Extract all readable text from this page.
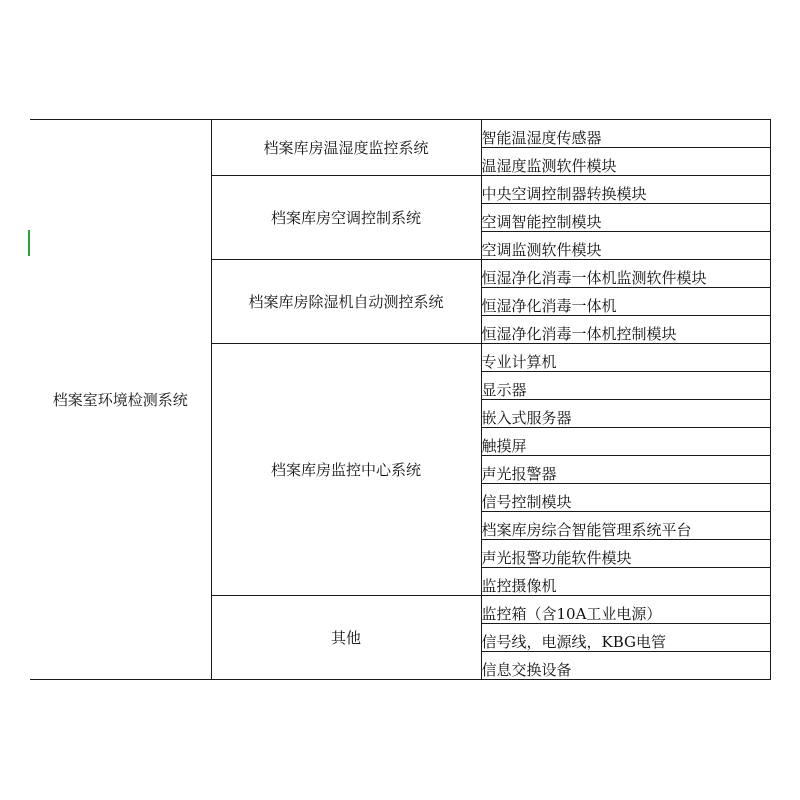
档案室环境检测系统	档案库房温湿度监控系统	智能温湿度传感器
		温湿度监测软件模块
	档案库房空调控制系统	中央空调控制器转换模块
		空调智能控制模块
		空调监测软件模块
	档案库房除湿机自动测控系统	恒湿净化消毒一体机监测软件模块
		恒湿净化消毒一体机
		恒湿净化消毒一体机控制模块
	档案库房监控中心系统	专业计算机
		显示器
		嵌入式服务器
		触摸屏
		声光报警器
		信号控制模块
		档案库房综合智能管理系统平台
		声光报警功能软件模块
		监控摄像机
	其他	监控箱（含10A工业电源）
		信号线，电源线，KBG电管
		信息交换设备
